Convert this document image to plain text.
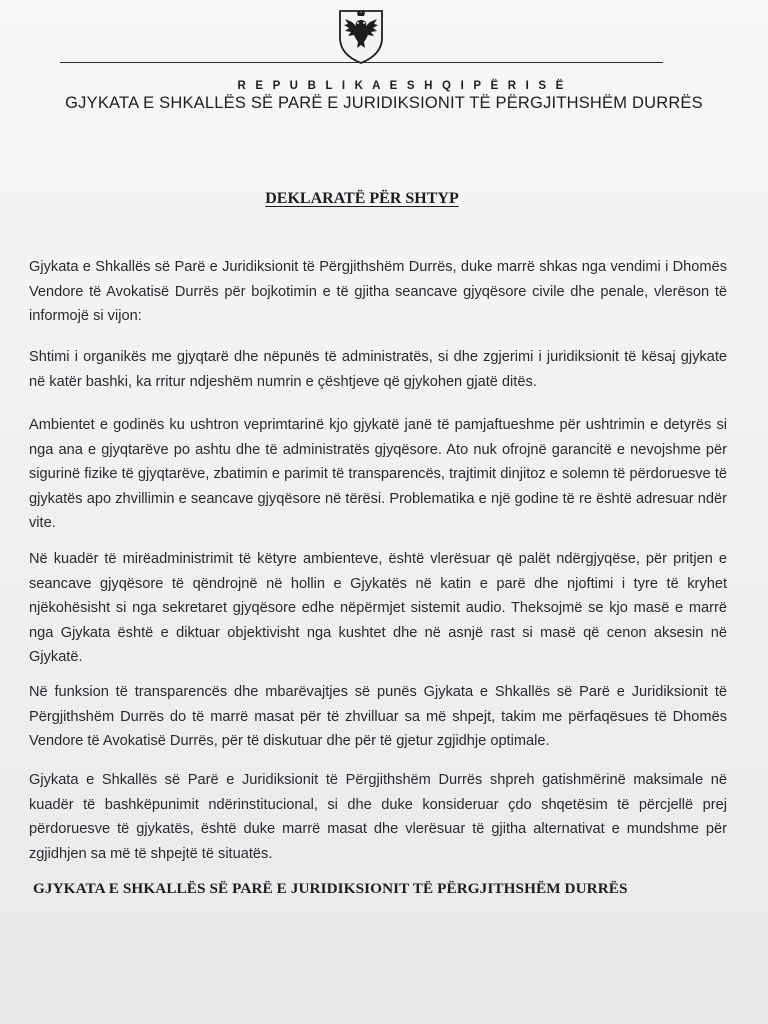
R E P U B L I K A E S H Q I P Ë R I S Ë
GJYKATA E SHKALLËS SË PARË E JURIDIKSIONIT TË PËRGJITHSHËM DURRËS
DEKLARATË PËR SHTYP

Gjykata e Shkallës së Parë e Juridiksionit të Përgjithshëm Durrës, duke marrë shkas nga vendimi i Dhomës Vendore të Avokatisë Durrës për bojkotimin e të gjitha seancave gjyqësore civile dhe penale, vlerëson të informojë si vijon:

Shtimi i organikës me gjyqtarë dhe nëpunës të administratës, si dhe zgjerimi i juridiksionit të kësaj gjykate në katër bashki, ka rritur ndjeshëm numrin e çështjeve që gjykohen gjatë ditës.

Ambientet e godinës ku ushtron veprimtarinë kjo gjykatë janë të pamjaftueshme për ushtrimin e detyrës si nga ana e gjyqtarëve po ashtu dhe të administratës gjyqësore. Ato nuk ofrojnë garancitë e nevojshme për sigurinë fizike të gjyqtarëve, zbatimin e parimit të transparencës, trajtimit dinjitoz e solemn të përdoruesve të gjykatës apo zhvillimin e seancave gjyqësore në tërësi. Problematika e një godine të re është adresuar ndër vite.

Në kuadër të mirëadministrimit të këtyre ambienteve, është vlerësuar që palët ndërgjyqëse, për pritjen e seancave gjyqësore të qëndrojnë në hollin e Gjykatës në katin e parë dhe njoftimi i tyre të kryhet njëkohësisht si nga sekretaret gjyqësore edhe nëpërmjet sistemit audio. Theksojmë se kjo masë e marrë nga Gjykata është e diktuar objektivisht nga kushtet dhe në asnjë rast si masë që cenon aksesin në Gjykatë.

Në funksion të transparencës dhe mbarëvajtjes së punës Gjykata e Shkallës së Parë e Juridiksionit të Përgjithshëm Durrës do të marrë masat për të zhvilluar sa më shpejt, takim me përfaqësues të Dhomës Vendore të Avokatisë Durrës, për të diskutuar dhe për të gjetur zgjidhje optimale.

Gjykata e Shkallës së Parë e Juridiksionit të Përgjithshëm Durrës shpreh gatishmërinë maksimale në kuadër të bashkëpunimit ndërinstitucional, si dhe duke konsideruar çdo shqetësim të përcjellë prej përdoruesve të gjykatës, është duke marrë masat dhe vlerësuar të gjitha alternativat e mundshme për zgjidhjen sa më të shpejtë të situatës.

GJYKATA E SHKALLËS SË PARË E JURIDIKSIONIT TË PËRGJITHSHËM DURRËS
